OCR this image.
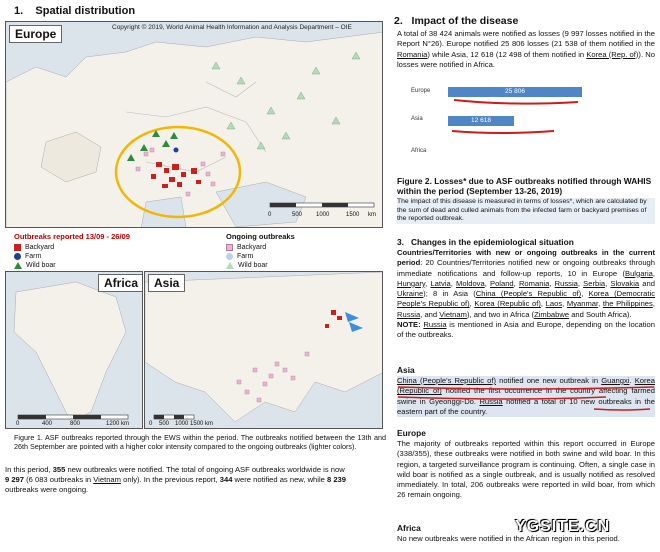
1. Spatial distribution
Europe
0	500 1000	1500 km
Copyright © 2019, World Animal Health Information and Analysis Department – OIE
Outbreaks reported 13/09 - 26/09
Backyard
Farm
Wild boar
Ongoing outbreaks
Backyard
Farm
Wild boar
Africa
0	400	800	1200 km
Asia
0 500 1000 1500 km
Figure 1. ASF outbreaks reported through the EWS within the period. The outbreaks notified between the 13th and 26th September are pointed with a higher color intensity compared to the ongoing outbreaks (lighter colors).
In this period, 355 new outbreaks were notified. The total of ongoing ASF outbreaks worldwide is now
9 297 (6 083 outbreaks in Vietnam only). In the previous report, 344 were notified as new, while 8 239
outbreaks were ongoing.
2. Impact of the disease
A total of 38 424 animals were notified as losses (9 997 losses notified in the Report N°26). Europe notified 25 806 losses (21 538 of them notified in the Romania) while Asia, 12 618 (12 498 of them notified in Korea (Rep. of)). No losses were notified in Africa.
Europe	25 806
Asia	12 618
Africa
Figure 2. Losses* due to ASF outbreaks notified through WAHIS within the period (September 13-26, 2019)
The impact of this disease is measured in terms of losses*, which are calculated by the sum of dead and culled animals from the infected farm or backyard premises of the reported outbreak.
3. Changes in the epidemiological situation
Countries/Territories with new or ongoing outbreaks in the current period: 20 Countries/Territories notified new or ongoing outbreaks through immediate notifications and follow-up reports, 10 in Europe (Bulgaria, Hungary, Latvia, Moldova, Poland, Romania, Russia, Serbia, Slovakia and Ukraine); 8 in Asia (China (People's Republic of), Korea (Democratic People's Republic of), Korea (Republic of), Laos, Myanmar, the Philippines, Russia, and Vietnam), and two in Africa (Zimbabwe and South Africa).
NOTE: Russia is mentioned in Asia and Europe, depending on the location of the outbreaks.
Asia
China (People's Republic of) notified one new outbreak in Guangxi. Korea (Republic of) notified the first occurrence in the country affecting farmed swine in Gyeonggi-Do. Russia notified a total of 10 new outbreaks in the eastern part of the country.
Europe
The majority of outbreaks reported within this report occurred in Europe (338/355), these outbreaks were notified in both swine and wild boar. In this region, a targeted surveillance program is continuing. Often, a single case in wild boar is notified as a single outbreak, and is usually notified as resolved immediately. In total, 206 outbreaks were reported in wild boar, from which 26 remain ongoing.
Africa
No new outbreaks were notified in the African region in this period.
YGSITE.CN
